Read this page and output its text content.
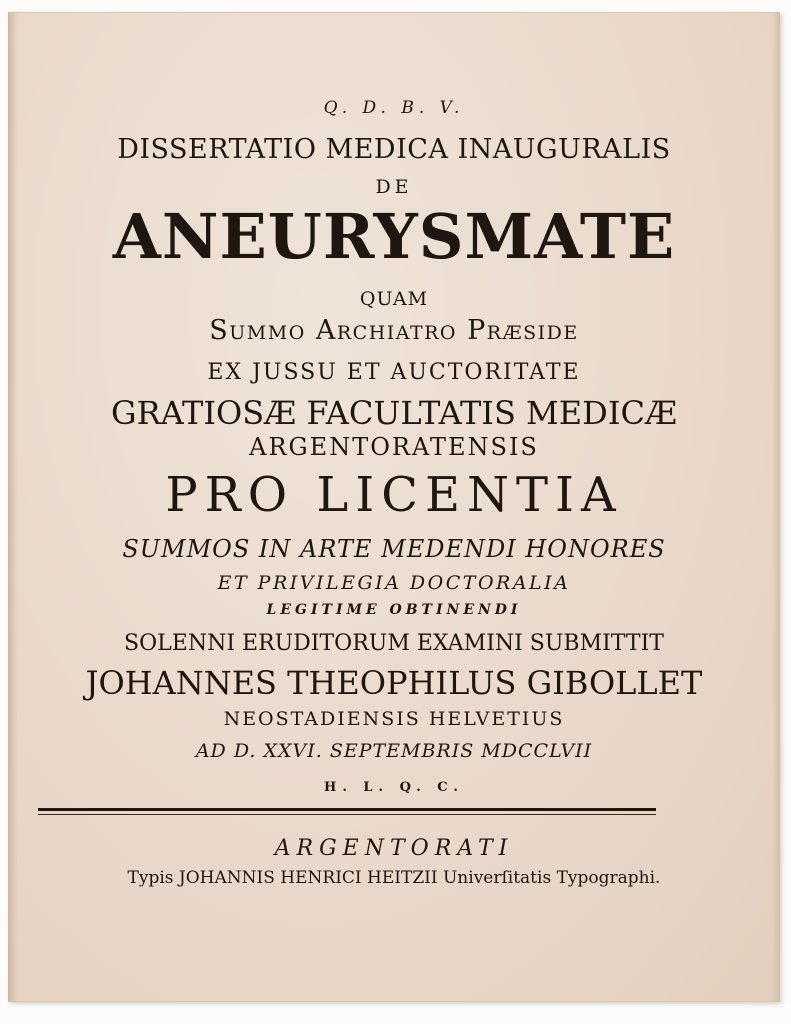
Q. D. B. V.
DISSERTATIO MEDICA INAUGURALIS
DE
ANEURYSMATE
QUAM
Summo Archiatro Præside
EX JUSSU ET AUCTORITATE
GRATIOSÆ FACULTATIS MEDICÆ
ARGENTORATENSIS
PRO LICENTIA
SUMMOS IN ARTE MEDENDI HONORES
ET PRIVILEGIA DOCTORALIA
LEGITIME OBTINENDI
SOLENNI ERUDITORUM EXAMINI SUBMITTIT
JOHANNES THEOPHILUS GIBOLLET
NEOSTADIENSIS HELVETIUS
AD D. XXVI. SEPTEMBRIS MDCCLVII
H. L. Q. C.
ARGENTORATI
Typis JOHANNIS HENRICI HEITZII Univerſitatis Typographi.
